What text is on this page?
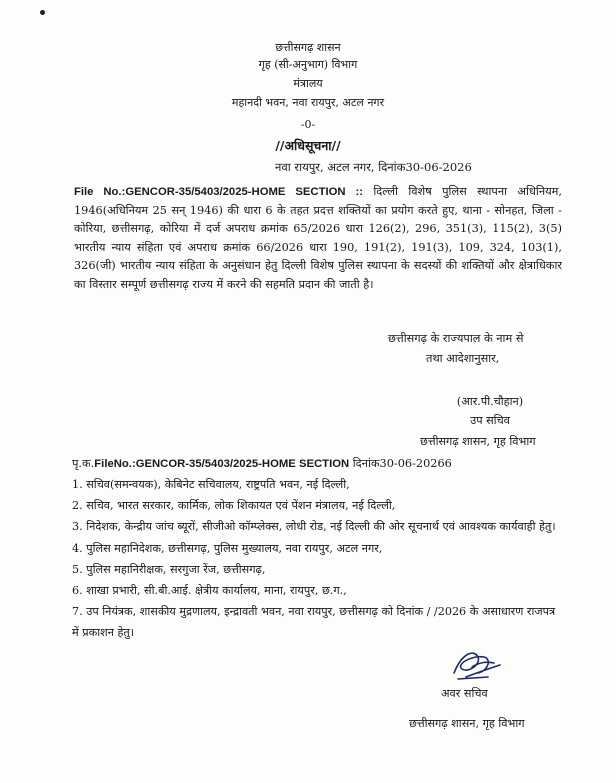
छत्तीसगढ़ शासन
गृह (सी-अनुभाग) विभाग
मंत्रालय
महानदी भवन, नवा रायपुर, अटल नगर
-0-
//अधिसूचना//
नवा रायपुर, अटल नगर, दिनांक30-06-2026
File No.:GENCOR-35/5403/2025-HOME SECTION :: दिल्ली विशेष पुलिस स्थापना अधिनियम, 1946(अधिनियम 25 सन् 1946) की धारा 6 के तहत प्रदत्त शक्तियों का प्रयोग करते हुए, थाना - सोनहत, जिला - कोरिया, छत्तीसगढ़, कोरिया में दर्ज अपराध क्रमांक 65/2026 धारा 126(2), 296, 351(3), 115(2), 3(5) भारतीय न्याय संहिता एवं अपराध क्रमांक 66/2026 धारा 190, 191(2), 191(3), 109, 324, 103(1), 326(जी) भारतीय न्याय संहिता के अनुसंधान हेतु दिल्ली विशेष पुलिस स्थापना के सदस्यों की शक्तियों और क्षेत्राधिकार का विस्तार सम्पूर्ण छत्तीसगढ़ राज्य में करने की सहमति प्रदान की जाती है।
छत्तीसगढ़ के राज्यपाल के नाम से
तथा आदेशानुसार,
(आर.पी.चौहान)
उप सचिव
छत्तीसगढ़ शासन, गृह विभाग
पृ.क.FileNo.:GENCOR-35/5403/2025-HOME SECTION दिनांक30-06-20266
1. सचिव(समन्वयक), केबिनेट सचिवालय, राष्ट्रपति भवन, नई दिल्ली,
2. सचिव, भारत सरकार, कार्मिक, लोक शिकायत एवं पेंशन मंत्रालय, नई दिल्ली,
3. निदेशक, केन्द्रीय जांच ब्यूरों, सीजीओ कॉम्प्लेक्स, लोधी रोड, नई दिल्ली की ओर सूचनार्थ एवं आवश्यक कार्यवाही हेतु।
4. पुलिस महानिदेशक, छत्तीसगढ़, पुलिस मुख्यालय, नवा रायपुर, अटल नगर,
5. पुलिस महानिरीक्षक, सरगुजा रेंज, छत्तीसगढ़,
6. शाखा प्रभारी, सी.बी.आई. क्षेत्रीय कार्यालय, माना, रायपुर, छ.ग.,
7. उप नियंत्रक, शासकीय मुद्रणालय, इन्द्रावती भवन, नवा रायपुर, छत्तीसगढ़ को दिनांक / /2026 के असाधारण राजपत्र में प्रकाशन हेतु।
अवर सचिव
छत्तीसगढ़ शासन, गृह विभाग
